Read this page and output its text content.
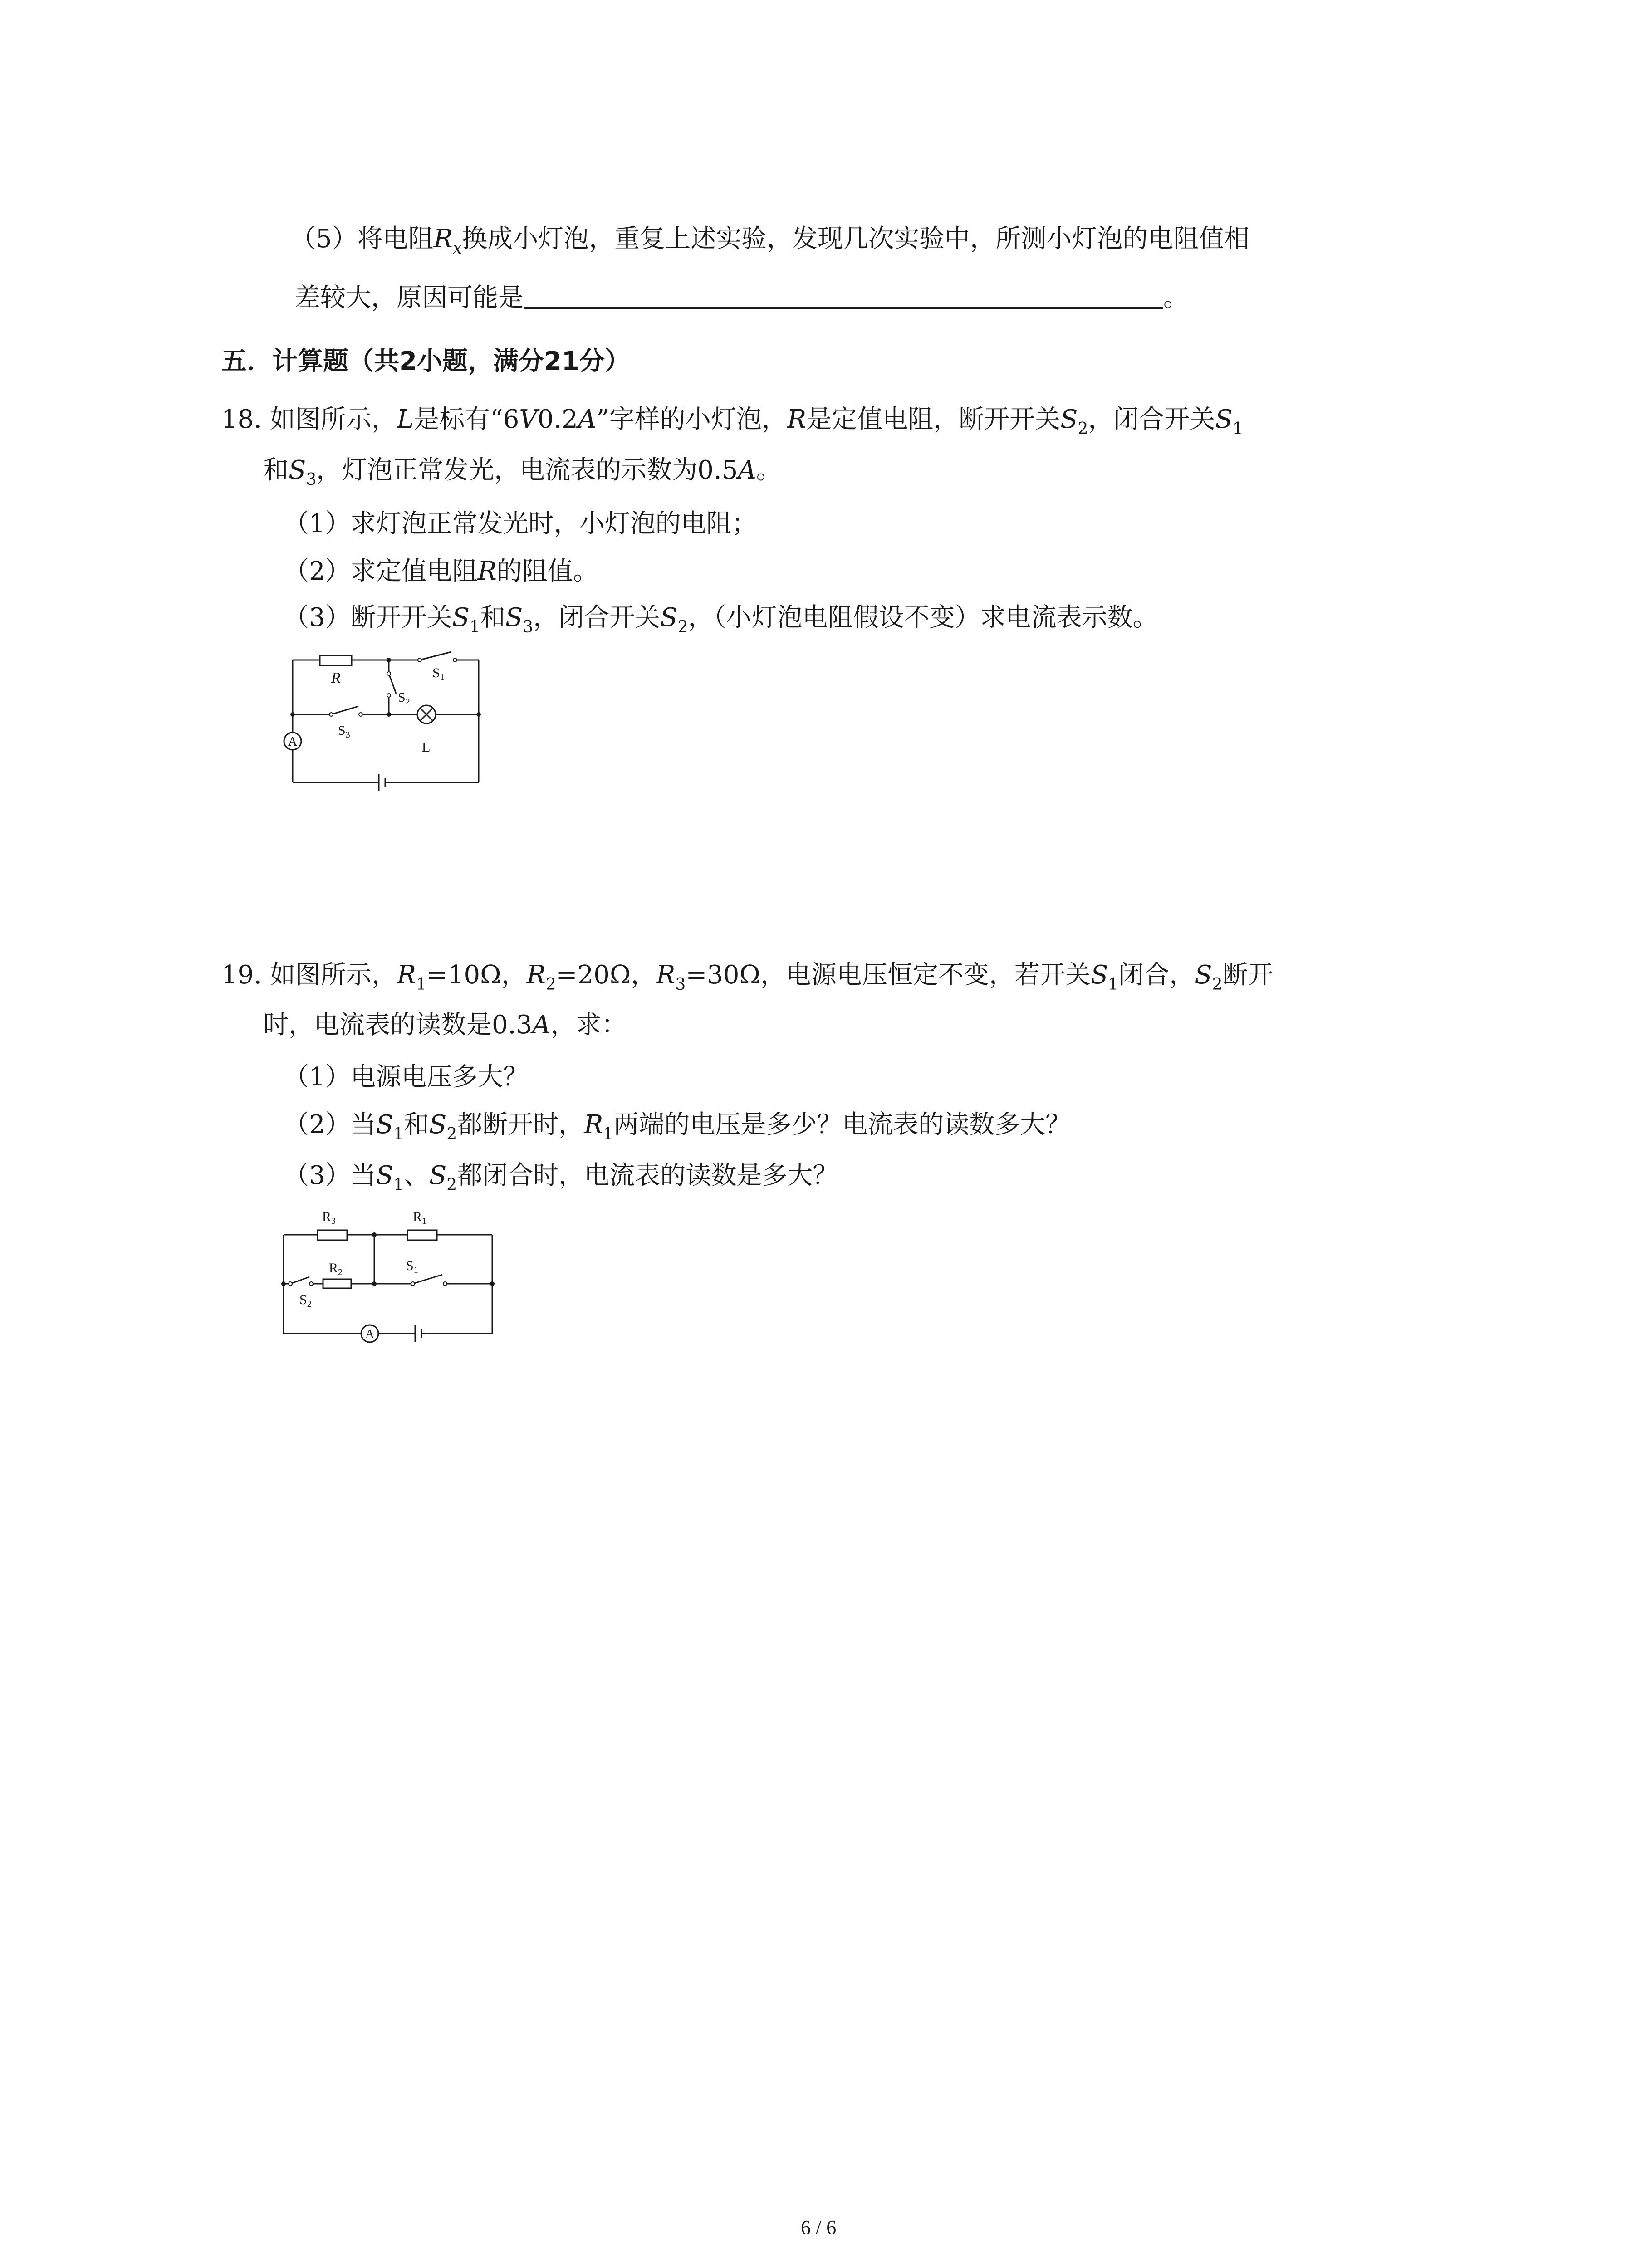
（5）将电阻$R_x$换成小灯泡，重复上述实验，发现几次实验中，所测小灯泡的电阻值相
差较大，原因可能是	。
五．计算题（共2小题，满分21分）
18. 如图所示，L是标有“6V0.2A”字样的小灯泡，R是定值电阻，断开开关$S_2$，闭合开关$S_1$
和$S_3$，灯泡正常发光，电流表的示数为0.5A。
（1）求灯泡正常发光时，小灯泡的电阻；
（2）求定值电阻R的阻值。
（3）断开开关$S_1$和$S_3$，闭合开关$S_2$，（小灯泡电阻假设不变）求电流表示数。
A
R	$S_1$
$S_2$
$S_3$
L
19. 如图所示，$R_1=10\Omega$，$R_2=20\Omega$，$R_3=30\Omega$，电源电压恒定不变，若开关$S_1$闭合，$S_2$断开
时，电流表的读数是0.3A，求：
（1）电源电压多大？
（2）当$S_1$和$S_2$都断开时，$R_1$两端的电压是多少？电流表的读数多大？
（3）当$S_1$、$S_2$都闭合时，电流表的读数是多大？
A
$R_3$	$R_1$
$R_2$	$S_1$
$S_2$
6 / 6
